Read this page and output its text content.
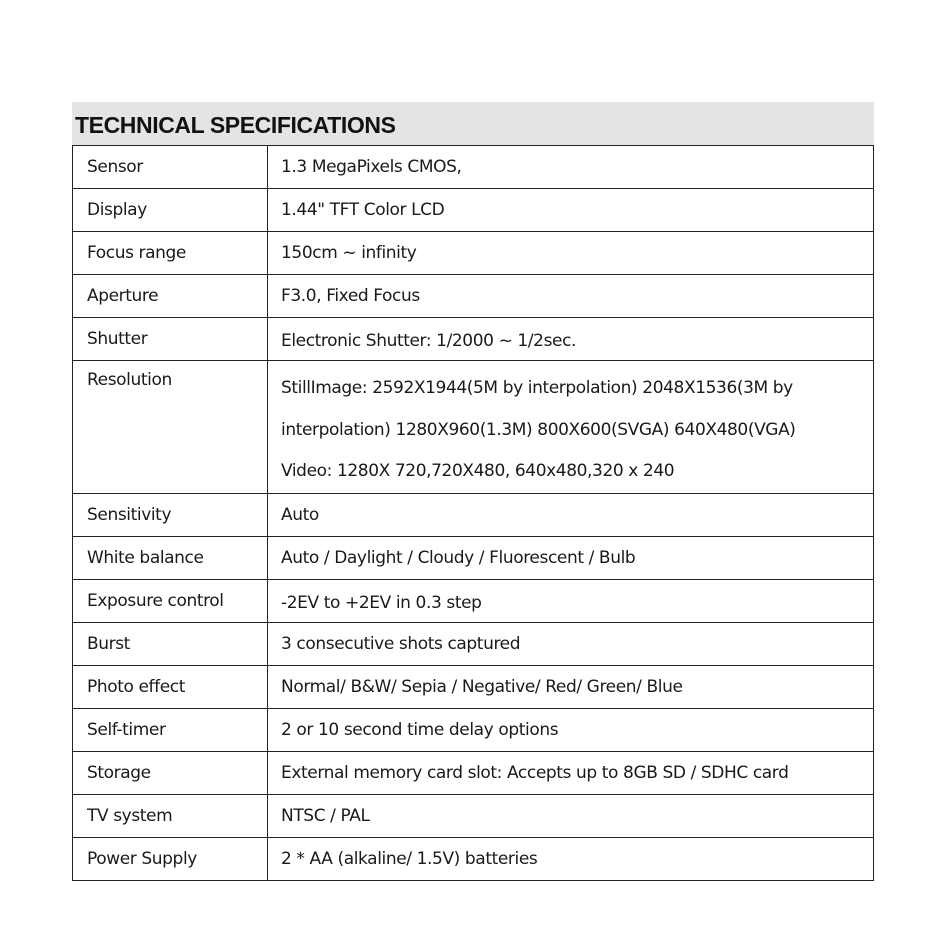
TECHNICAL SPECIFICATIONS
Sensor	1.3 MegaPixels CMOS,
Display	1.44" TFT Color LCD
Focus range	150cm ~ infinity
Aperture	F3.0, Fixed Focus
Shutter	Electronic Shutter: 1/2000 ~ 1/2sec.
Resolution	StillImage: 2592X1944(5M by interpolation) 2048X1536(3M by
interpolation) 1280X960(1.3M) 800X600(SVGA) 640X480(VGA)
Video: 1280X 720,720X480, 640x480,320 x 240

Sensitivity	Auto
White balance	Auto / Daylight / Cloudy / Fluorescent / Bulb
Exposure control	-2EV to +2EV in 0.3 step
Burst	3 consecutive shots captured
Photo effect	Normal/ B&W/ Sepia / Negative/ Red/ Green/ Blue
Self-timer	2 or 10 second time delay options
Storage	External memory card slot: Accepts up to 8GB SD / SDHC card
TV system	NTSC / PAL
Power Supply	2 * AA (alkaline/ 1.5V) batteries
